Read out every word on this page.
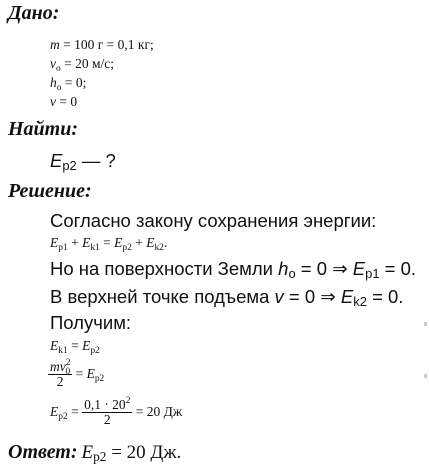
Дано:
m = 100 г = 0,1 кг;
$v_o = 20$ м/с;
$h_o = 0$;
v = 0
Найти:
$E_{p2}$ — ?
Решение:
Согласно закону сохранения энергии:
$E_{p1} + E_{k1} = E_{p2} + E_{k2}$.
Но на поверхности Земли $h_o = 0$ ⇒ $E_{p1} = 0$.
В верхней точке подъема v = 0 ⇒ $E_{k2} = 0$.
Получим:
$E_{k1} = E_{p2}$
$\frac{mv^2_0}{2} = E_{p2}$
$E_{p2} = \frac{0,1 \cdot 20^2}{2} = 20$ Дж
Ответ: $E_{p2} = 20$ Дж.
